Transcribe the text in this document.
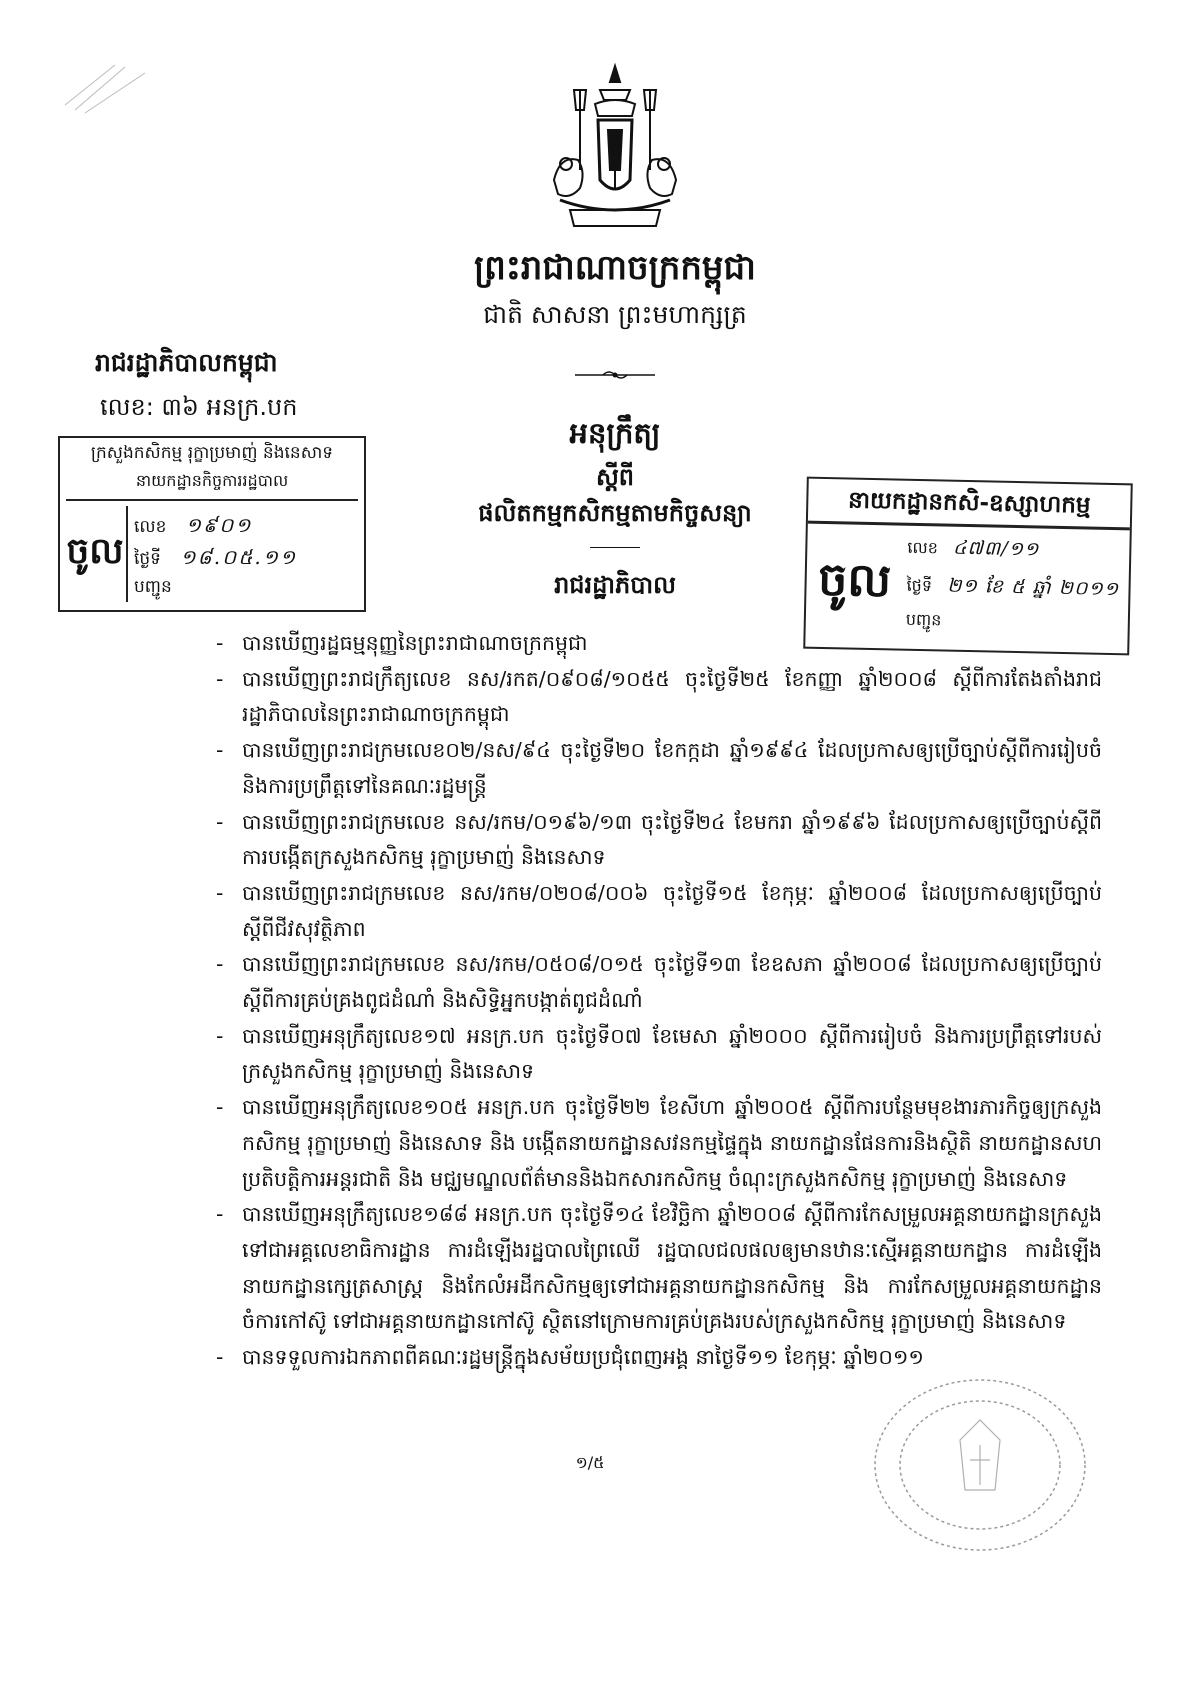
ព្រះរាជាណាចក្រកម្ពុជា
ជាតិ សាសនា ព្រះមហាក្សត្រ
រាជរដ្ឋាភិបាលកម្ពុជា
លេខ: ៣៦ អនក្រ.បក
អនុក្រឹត្យ
ស្តីពី
ផលិតកម្មកសិកម្មតាមកិច្ចសន្យា
រាជរដ្ឋាភិបាល
ក្រសួងកសិកម្ម រុក្ខាប្រមាញ់ និងនេសាទ
នាយកដ្ឋានកិច្ចការរដ្ឋបាល
ចូល
លេខ ១៩០១
ថ្ងៃទី ១៨.០៥.១១
បញ្ជូន
នាយកដ្ឋានកសិ-ឧស្សាហកម្ម
ចូល
លេខ ៤៧៣/១១
ថ្ងៃទី ២១ ខែ ៥ ឆ្នាំ ២០១១
បញ្ជូន
- បានឃើញរដ្ឋធម្មនុញ្ញនៃព្រះរាជាណាចក្រកម្ពុជា
- បានឃើញព្រះរាជក្រឹត្យលេខ នស/រកត/០៩០៨/១០៥៥ ចុះថ្ងៃទី២៥ ខែកញ្ញា ឆ្នាំ២០០៨ ស្តីពីការតែងតាំងរាជរដ្ឋាភិបាលនៃព្រះរាជាណាចក្រកម្ពុជា
- បានឃើញព្រះរាជក្រមលេខ០២/នស/៩៤ ចុះថ្ងៃទី២០ ខែកក្កដា ឆ្នាំ១៩៩៤ ដែលប្រកាសឲ្យប្រើច្បាប់ស្តីពីការរៀបចំ និងការប្រព្រឹត្តទៅនៃគណៈរដ្ឋមន្ត្រី
- បានឃើញព្រះរាជក្រមលេខ នស/រកម/០១៩៦/១៣ ចុះថ្ងៃទី២៤ ខែមករា ឆ្នាំ១៩៩៦ ដែលប្រកាសឲ្យប្រើច្បាប់ស្តីពីការបង្កើតក្រសួងកសិកម្ម រុក្ខាប្រមាញ់ និងនេសាទ
- បានឃើញព្រះរាជក្រមលេខ នស/រកម/០២០៨/០០៦ ចុះថ្ងៃទី១៥ ខែកុម្ភៈ ឆ្នាំ២០០៨ ដែលប្រកាសឲ្យប្រើច្បាប់ស្តីពីជីវសុវត្ថិភាព
- បានឃើញព្រះរាជក្រមលេខ នស/រកម/០៥០៨/០១៥ ចុះថ្ងៃទី១៣ ខែឧសភា ឆ្នាំ២០០៨ ដែលប្រកាសឲ្យប្រើច្បាប់ស្តីពីការគ្រប់គ្រងពូជដំណាំ និងសិទ្ធិអ្នកបង្កាត់ពូជដំណាំ
- បានឃើញអនុក្រឹត្យលេខ១៧ អនក្រ.បក ចុះថ្ងៃទី០៧ ខែមេសា ឆ្នាំ២០០០ ស្តីពីការរៀបចំ និងការប្រព្រឹត្តទៅរបស់ក្រសួងកសិកម្ម រុក្ខាប្រមាញ់ និងនេសាទ
- បានឃើញអនុក្រឹត្យលេខ១០៥ អនក្រ.បក ចុះថ្ងៃទី២២ ខែសីហា ឆ្នាំ២០០៥ ស្តីពីការបន្ថែមមុខងារភារកិច្ចឲ្យក្រសួងកសិកម្ម រុក្ខាប្រមាញ់ និងនេសាទ និង បង្កើតនាយកដ្ឋានសវនកម្មផ្ទៃក្នុង នាយកដ្ឋានផែនការនិងស្ថិតិ នាយកដ្ឋានសហប្រតិបត្តិការអន្តរជាតិ និង មជ្ឈមណ្ឌលព័ត៌មាននិងឯកសារកសិកម្ម ចំណុះក្រសួងកសិកម្ម រុក្ខាប្រមាញ់ និងនេសាទ
- បានឃើញអនុក្រឹត្យលេខ១៨៨ អនក្រ.បក ចុះថ្ងៃទី១៤ ខែវិច្ឆិកា ឆ្នាំ២០០៨ ស្តីពីការកែសម្រួលអគ្គនាយកដ្ឋានក្រសួងទៅជាអគ្គលេខាធិការដ្ឋាន ការដំឡើងរដ្ឋបាលព្រៃឈើ រដ្ឋបាលជលផលឲ្យមានឋានៈស្មើអគ្គនាយកដ្ឋាន ការដំឡើងនាយកដ្ឋានក្សេត្រសាស្ត្រ និងកែលំអដីកសិកម្មឲ្យទៅជាអគ្គនាយកដ្ឋានកសិកម្ម និង ការកែសម្រួលអគ្គនាយកដ្ឋានចំការកៅស៊ូ ទៅជាអគ្គនាយកដ្ឋានកៅស៊ូ ស្ថិតនៅក្រោមការគ្រប់គ្រងរបស់ក្រសួងកសិកម្ម រុក្ខាប្រមាញ់ និងនេសាទ
- បានទទួលការឯកភាពពីគណៈរដ្ឋមន្ត្រីក្នុងសម័យប្រជុំពេញអង្គ នាថ្ងៃទី១១ ខែកុម្ភៈ ឆ្នាំ២០១១
១/៥
